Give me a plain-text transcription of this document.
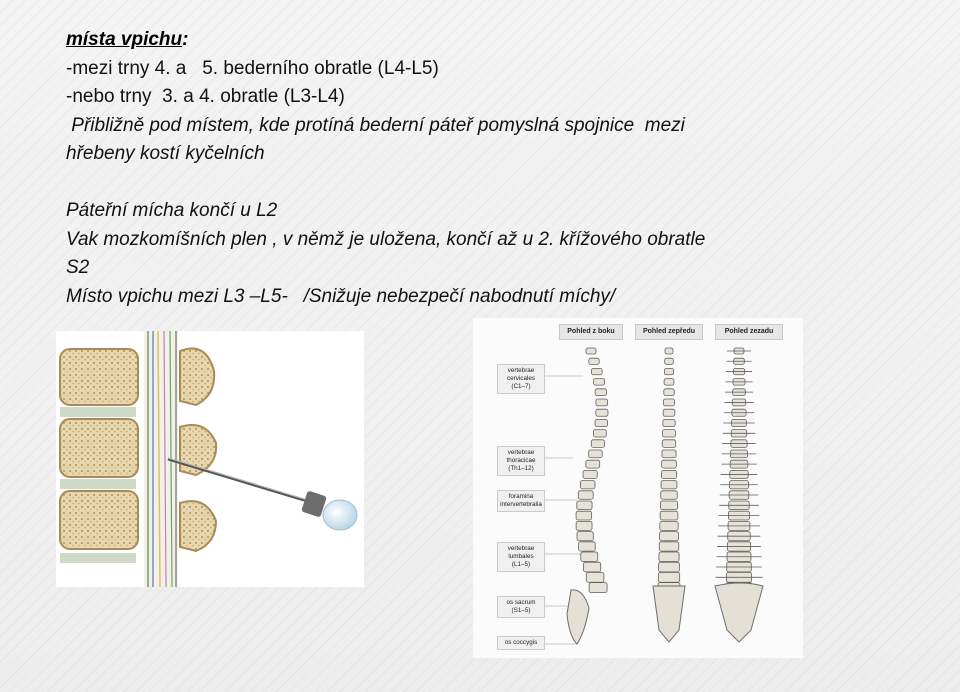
místa vpichu:
-mezi trny 4. a   5. bederního obratle (L4-L5)
-nebo trny  3. a 4. obratle (L3-L4)
Přibližně pod místem, kde protíná bederní páteř pomyslná spojnice  mezi
hřebeny kostí kyčelních
Páteřní mícha končí u L2
Vak mozkomíšních plen , v němž je uložena, končí až u 2. křížového obratle
S2
Místo vpichu mezi L3 –L5-   /Snižuje nebezpečí nabodnutí míchy/
Pohled z boku	Pohled zepředu	Pohled zezadu
vertebrae
cervicales
(C1–7)
vertebrae
thoracicae
(Th1–12)
foramina
intervertebralia
vertebrae
lumbales
(L1–5)
os sacrum
(S1–5)
os coccygis
